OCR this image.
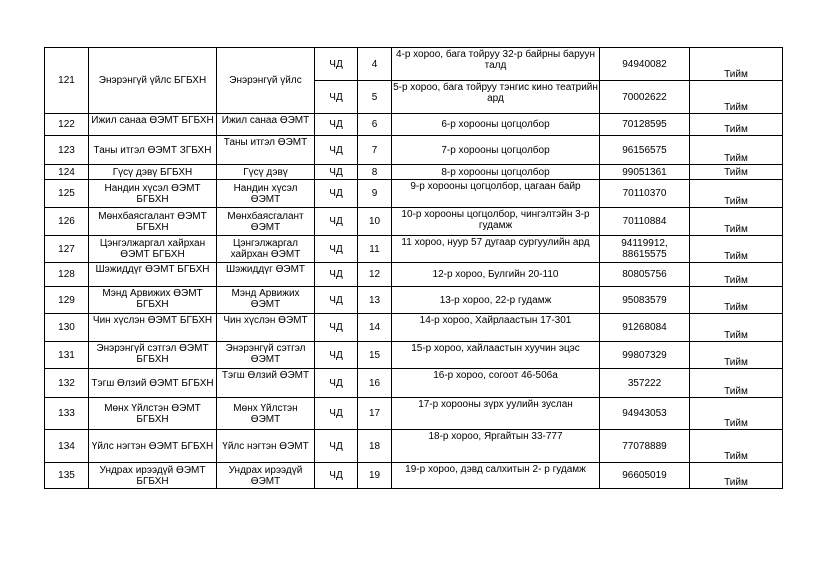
121	Энэрэнгүй үйлс БГБХН	Энэрэнгүй үйлс	ЧД	4	4-р хороо, бага тойруу 32-р байрны баруун талд	94940082	Тийм
			ЧД	5	5-р хороо, бага тойруу тэнгис кино театрийн ард	70002622	Тийм
122	Ижил санаа ӨЭМТ БГБХН	Ижил санаа ӨЭМТ	ЧД	6	6-р хорооны цогцолбор	70128595	Тийм
123	Таны итгэл ӨЭМТ ЗГБХН	Таны итгэл ӨЭМТ	ЧД	7	7-р хорооны цогцолбор	96156575	Тийм
124	Гүсү дэвү БГБХН	Гүсү дэвү	ЧД	8	8-р хорооны цогцолбор	99051361	Тийм
125	Нандин хүсэл ӨЭМТ БГБХН	Нандин хүсэл ӨЭМТ	ЧД	9	9-р хорооны цогцолбор, цагаан байр	70110370	Тийм
126	Мөнхбаясгалант ӨЭМТ БГБХН	Мөнхбаясгалант ӨЭМТ	ЧД	10	10-р хорооны цогцолбор, чингэлтэйн 3-р гудамж	70110884	Тийм
127	Цэнгэлжаргал хайрхан ӨЭМТ БГБХН	Цэнгэлжаргал хайрхан ӨЭМТ	ЧД	11	11 хороо, нуур 57 дугаар сургуулийн ард	94119912, 88615575	Тийм
128	Шэжиддүг ӨЭМТ БГБХН	Шэжиддүг ӨЭМТ	ЧД	12	12-р хороо, Булгийн 20-110	80805756	Тийм
129	Мэнд Арвижих ӨЭМТ БГБХН	Мэнд Арвижих ӨЭМТ	ЧД	13	13-р хороо, 22-р гудамж	95083579	Тийм
130	Чин хүслэн ӨЭМТ БГБХН	Чин хүслэн ӨЭМТ	ЧД	14	14-р хороо, Хайрлаастын 17-301	91268084	Тийм
131	Энэрэнгүй сэтгэл ӨЭМТ БГБХН	Энэрэнгүй сэтгэл ӨЭМТ	ЧД	15	15-р хороо, хайлаастын хуучин эцэс	99807329	Тийм
132	Тэгш Өлзий ӨЭМТ БГБХН	Тэгш Өлзий ӨЭМТ	ЧД	16	16-р хороо, согоот 46-506а	357222	Тийм
133	Мөнх Үйлстэн ӨЭМТ БГБХН	Мөнх Үйлстэн ӨЭМТ	ЧД	17	17-р хорооны зүрх уулийн зуслан	94943053	Тийм
134	Үйлс нэгтэн ӨЭМТ БГБХН	Үйлс нэгтэн ӨЭМТ	ЧД	18	18-р хороо, Яргайтын 33-777	77078889	Тийм
135	Ундрах ирээдүй ӨЭМТ БГБХН	Ундрах ирээдүй ӨЭМТ	ЧД	19	19-р хороо, дэвд салхитын 2- р гудамж	96605019	Тийм
